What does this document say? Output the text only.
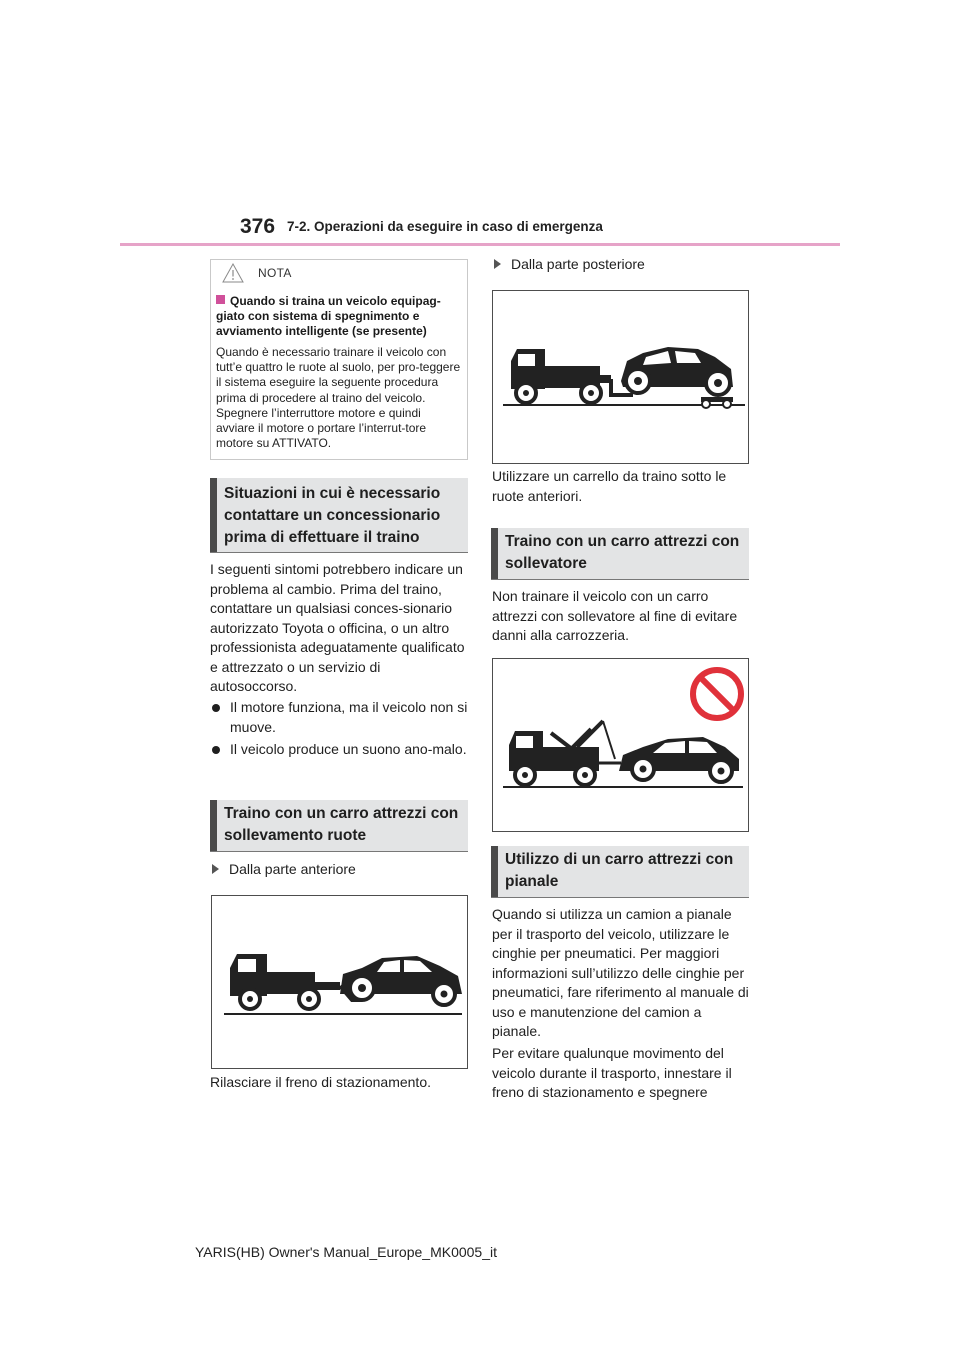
376 7-2. Operazioni da eseguire in caso di emergenza
NOTA
Quando si traina un veicolo equipag-giato con sistema di spegnimento e avviamento intelligente (se presente)
Quando è necessario trainare il veicolo con tutt’e quattro le ruote al suolo, per pro-teggere il sistema eseguire la seguente procedura prima di procedere al traino del veicolo. Spegnere l’interruttore motore e quindi avviare il motore o portare l’interrut-tore motore su ATTIVATO.
Situazioni in cui è necessario contattare un concessionario prima di effettuare il traino
I seguenti sintomi potrebbero indicare un problema al cambio. Prima del traino, contattare un qualsiasi conces-sionario autorizzato Toyota o officina, o un altro professionista adeguatamente qualificato e attrezzato o un servizio di autosoccorso.
Il motore funziona, ma il veicolo non si muove.
Il veicolo produce un suono ano-malo.
Traino con un carro attrezzi con sollevamento ruote
Dalla parte anteriore
Rilasciare il freno di stazionamento.
Dalla parte posteriore
Utilizzare un carrello da traino sotto le ruote anteriori.
Traino con un carro attrezzi con sollevatore
Non trainare il veicolo con un carro attrezzi con sollevatore al fine di evitare danni alla carrozzeria.
Utilizzo di un carro attrezzi con pianale
Quando si utilizza un camion a pianale per il trasporto del veicolo, utilizzare le cinghie per pneumatici. Per maggiori informazioni sull’utilizzo delle cinghie per pneumatici, fare riferimento al manuale di uso e manutenzione del camion a pianale.
Per evitare qualunque movimento del veicolo durante il trasporto, innestare il freno di stazionamento e spegnere
YARIS(HB) Owner's Manual_Europe_MK0005_it
